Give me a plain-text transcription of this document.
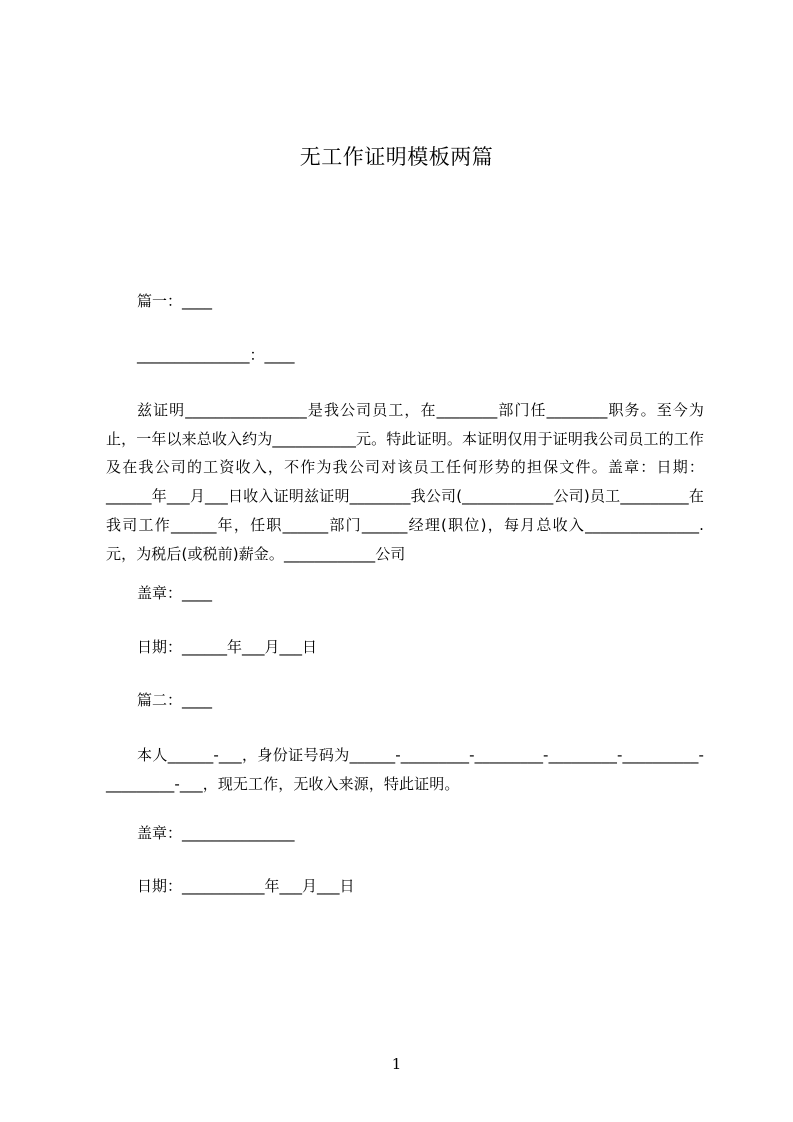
无工作证明模板两篇

篇一：____

_______________：____

兹证明________________是我公司员工，在________部门任________职务。至今为止，一年以来总收入约为___________元。特此证明。本证明仅用于证明我公司员工的工作及在我公司的工资收入，不作为我公司对该员工任何形势的担保文件。盖章：日期：______年___月___日收入证明兹证明________我公司(____________公司)员工_________在我司工作______年，任职______部门______经理(职位)，每月总收入_______________.元，为税后(或税前)薪金。____________公司

盖章：____

日期：______年___月___日

篇二：____

本人______-___，身份证号码为______-_________-_________-_________-__________-_________-___，现无工作，无收入来源，特此证明。

盖章：_______________

日期：___________年___月___日

1
